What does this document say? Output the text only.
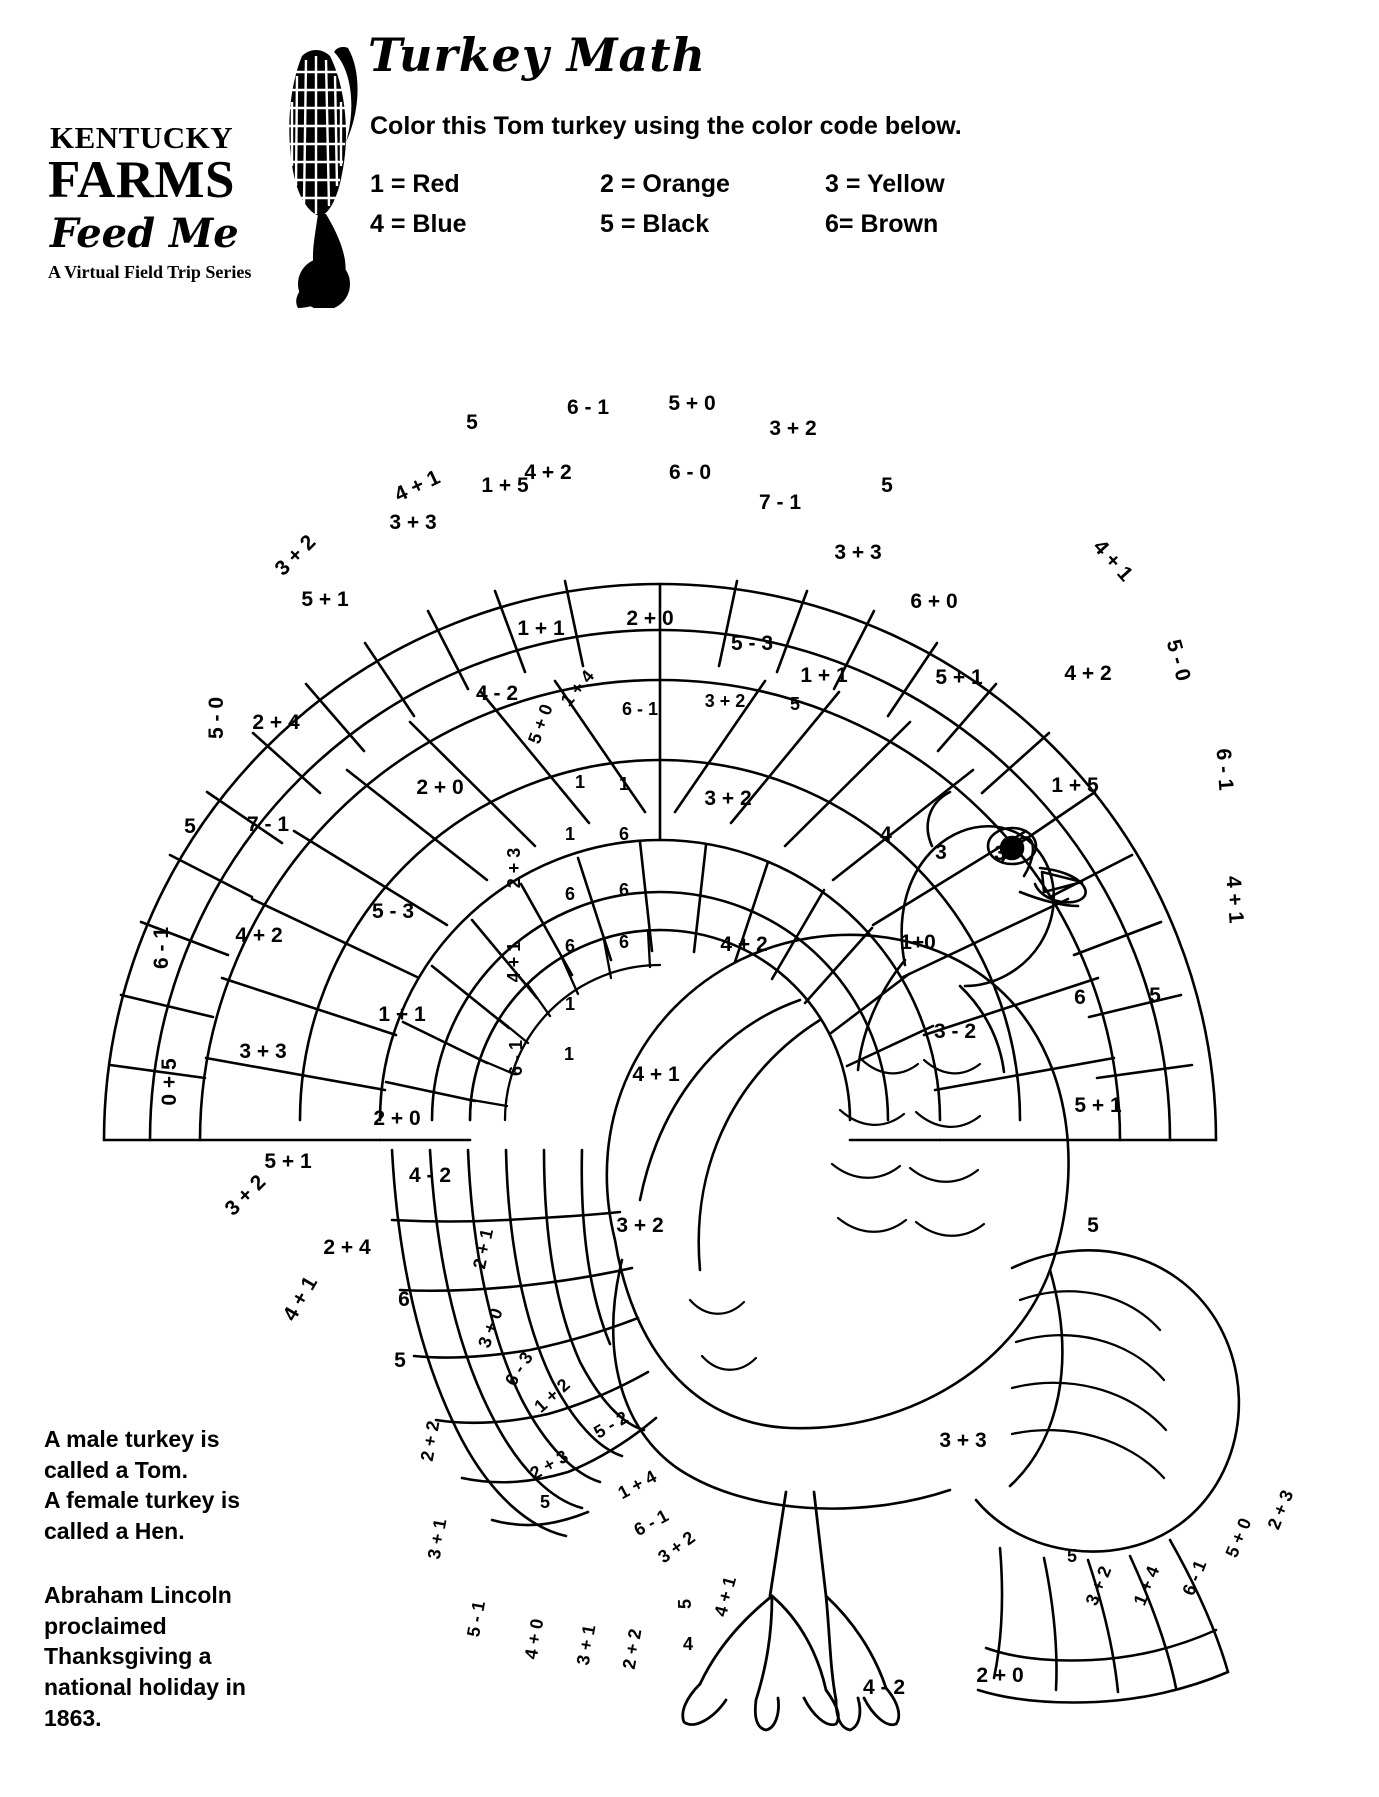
KENTUCKY
FARMS
Feed Me
A Virtual Field Trip Series
Turkey Math
Color this Tom turkey using the color code below.
1 = Red	2 = Orange	3 = Yellow
4 = Blue	5 = Black	6= Brown
6 - 1	5 + 0
3 + 2
4 + 2	6 - 0
7 - 1
5
1 + 5	5
3 + 3
6 + 0
3 + 3
5 + 1
1 + 1	2 + 0
5 - 3
1 + 1	5 + 1
4 - 2
2 + 4
2 + 0
7 - 1
5
5 - 3
4 + 2
1 + 1
3 + 3
2 + 0
5 + 1
4 - 2
2 + 4
6
5
4 + 2
1 + 5
5
6
5
3 + 2
1+0
4
3 3
4 + 2
4 + 1
3 + 2
3 - 2
5 + 1
3 + 3
4 - 2
2 + 0
5 - 0
6 - 1
0 + 5
3 + 2
4 + 1
3 + 2
4 + 1
4 + 1
5 - 0
6 - 1
4 + 1
5 + 0
1 + 4 6 - 1	3 + 2 5
2 + 3
4 + 1
6 - 1
1
1
6
6
1
1
1
6
6
6
2 + 1
3 + 0
6 - 3
1 + 2
5 - 2
2 + 3
5	1 + 4
6 - 1
3 + 2
5 4 + 1
4
2 + 2
3 + 1
5 - 1 4 + 0 3 + 1 2 + 2
5
3 + 2 1 + 4 6 - 1
5 + 0
2 + 3
A male turkey is
called a Tom.
A female turkey is
called a Hen.
Abraham Lincoln
proclaimed
Thanksgiving a
national holiday in
1863.
